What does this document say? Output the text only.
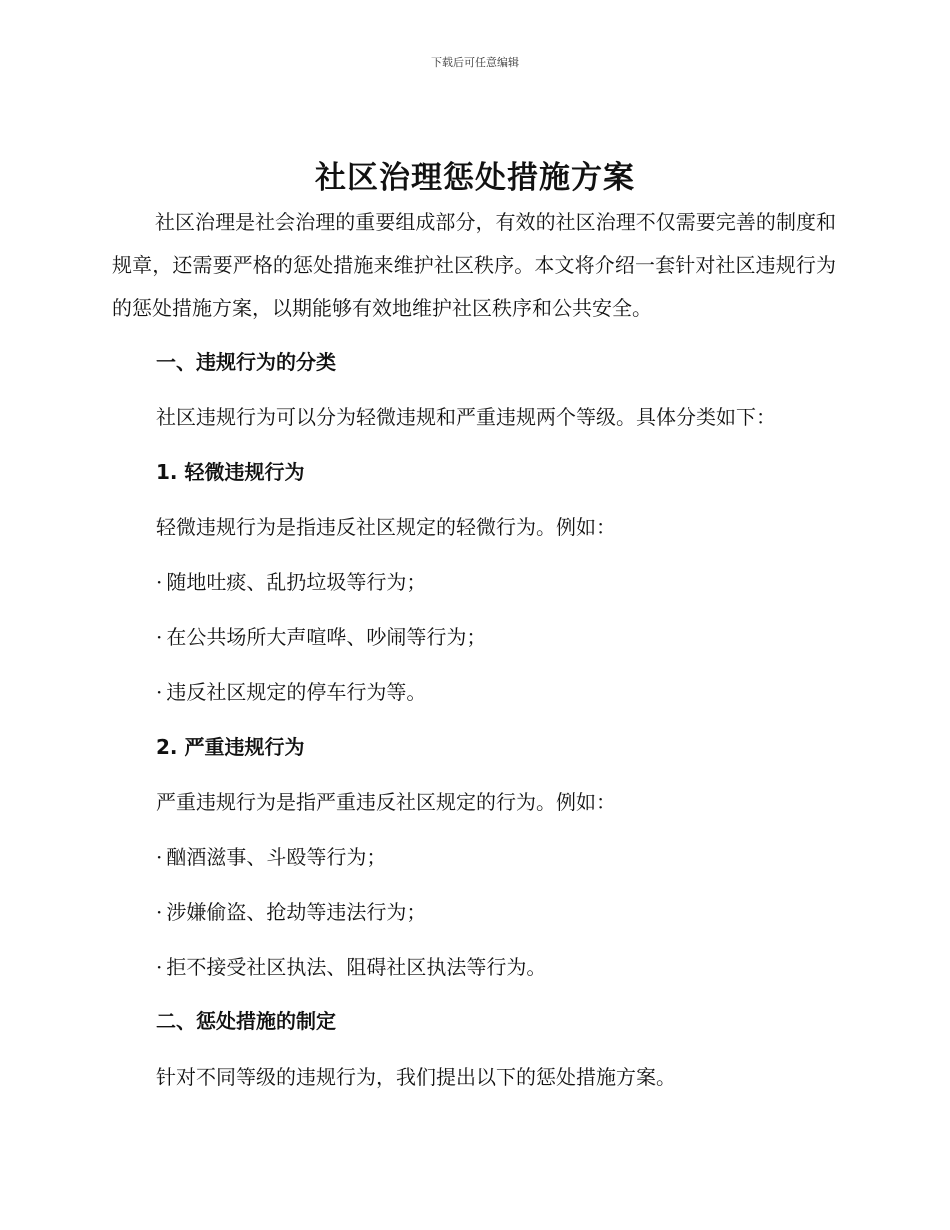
下载后可任意编辑
社区治理惩处措施方案

社区治理是社会治理的重要组成部分，有效的社区治理不仅需要完善的制度和规章，还需要严格的惩处措施来维护社区秩序。本文将介绍一套针对社区违规行为的惩处措施方案，以期能够有效地维护社区秩序和公共安全。

一、违规行为的分类

社区违规行为可以分为轻微违规和严重违规两个等级。具体分类如下：

1. 轻微违规行为

轻微违规行为是指违反社区规定的轻微行为。例如：

· 随地吐痰、乱扔垃圾等行为；

· 在公共场所大声喧哗、吵闹等行为；

· 违反社区规定的停车行为等。

2. 严重违规行为

严重违规行为是指严重违反社区规定的行为。例如：

· 酗酒滋事、斗殴等行为；

· 涉嫌偷盗、抢劫等违法行为；

· 拒不接受社区执法、阻碍社区执法等行为。

二、惩处措施的制定

针对不同等级的违规行为，我们提出以下的惩处措施方案。
